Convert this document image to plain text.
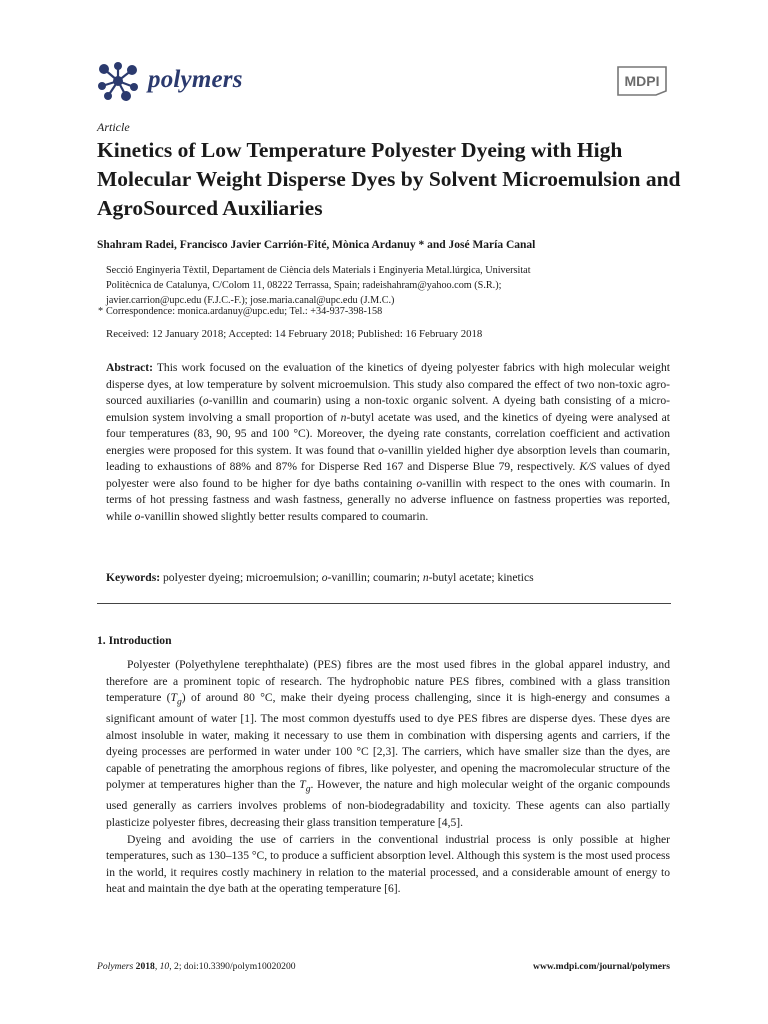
polymers	MDPI
Article
Kinetics of Low Temperature Polyester Dyeing with High Molecular Weight Disperse Dyes by Solvent Microemulsion and AgroSourced Auxiliaries
Shahram Radei, Francisco Javier Carrión-Fité, Mònica Ardanuy * and José María Canal
Secció Enginyeria Tèxtil, Departament de Ciència dels Materials i Enginyeria Metal.lúrgica, Universitat
Politècnica de Catalunya, C/Colom 11, 08222 Terrassa, Spain; radeishahram@yahoo.com (S.R.);
javier.carrion@upc.edu (F.J.C.-F.); jose.maria.canal@upc.edu (J.M.C.)
* Correspondence: monica.ardanuy@upc.edu; Tel.: +34-937-398-158
Received: 12 January 2018; Accepted: 14 February 2018; Published: 16 February 2018
Abstract: This work focused on the evaluation of the kinetics of dyeing polyester fabrics with high molecular weight disperse dyes, at low temperature by solvent microemulsion. This study also compared the effect of two non-toxic agro-sourced auxiliaries (o-vanillin and coumarin) using a non-toxic organic solvent. A dyeing bath consisting of a micro-emulsion system involving a small proportion of n-butyl acetate was used, and the kinetics of dyeing were analysed at four temperatures (83, 90, 95 and 100 °C). Moreover, the dyeing rate constants, correlation coefficient and activation energies were proposed for this system. It was found that o-vanillin yielded higher dye absorption levels than coumarin, leading to exhaustions of 88% and 87% for Disperse Red 167 and Disperse Blue 79, respectively. K/S values of dyed polyester were also found to be higher for dye baths containing o-vanillin with respect to the ones with coumarin. In terms of hot pressing fastness and wash fastness, generally no adverse influence on fastness properties was reported, while o-vanillin showed slightly better results compared to coumarin.
Keywords: polyester dyeing; microemulsion; o-vanillin; coumarin; n-butyl acetate; kinetics
1. Introduction

Polyester (Polyethylene terephthalate) (PES) fibres are the most used fibres in the global apparel industry, and therefore are a prominent topic of research. The hydrophobic nature PES fibres, combined with a glass transition temperature $(T_g)$ of around 80 °C, make their dyeing process challenging, since it is high-energy and consumes a significant amount of water [1]. The most common dyestuffs used to dye PES fibres are disperse dyes. These dyes are almost insoluble in water, making it necessary to use them in combination with dispersing agents and carriers, if the dyeing processes are performed in water under 100 °C [2,3]. The carriers, which have smaller size than the dyes, are capable of penetrating the amorphous regions of fibres, like polyester, and opening the macromolecular structure of the polymer at temperatures higher than the $T_g$. However, the nature and high molecular weight of the organic compounds used generally as carriers involves problems of non-biodegradability and toxicity. These agents can also partially plasticize polyester fibres, decreasing their glass transition temperature [4,5].

Dyeing and avoiding the use of carriers in the conventional industrial process is only possible at higher temperatures, such as 130–135 °C, to produce a sufficient absorption level. Although this system is the most used process in the world, it requires costly machinery in relation to the material processed, and a considerable amount of energy to heat and maintain the dye bath at the operating temperature [6].

Polymers 2018, 10, 2; doi:10.3390/polym10020200	www.mdpi.com/journal/polymers
